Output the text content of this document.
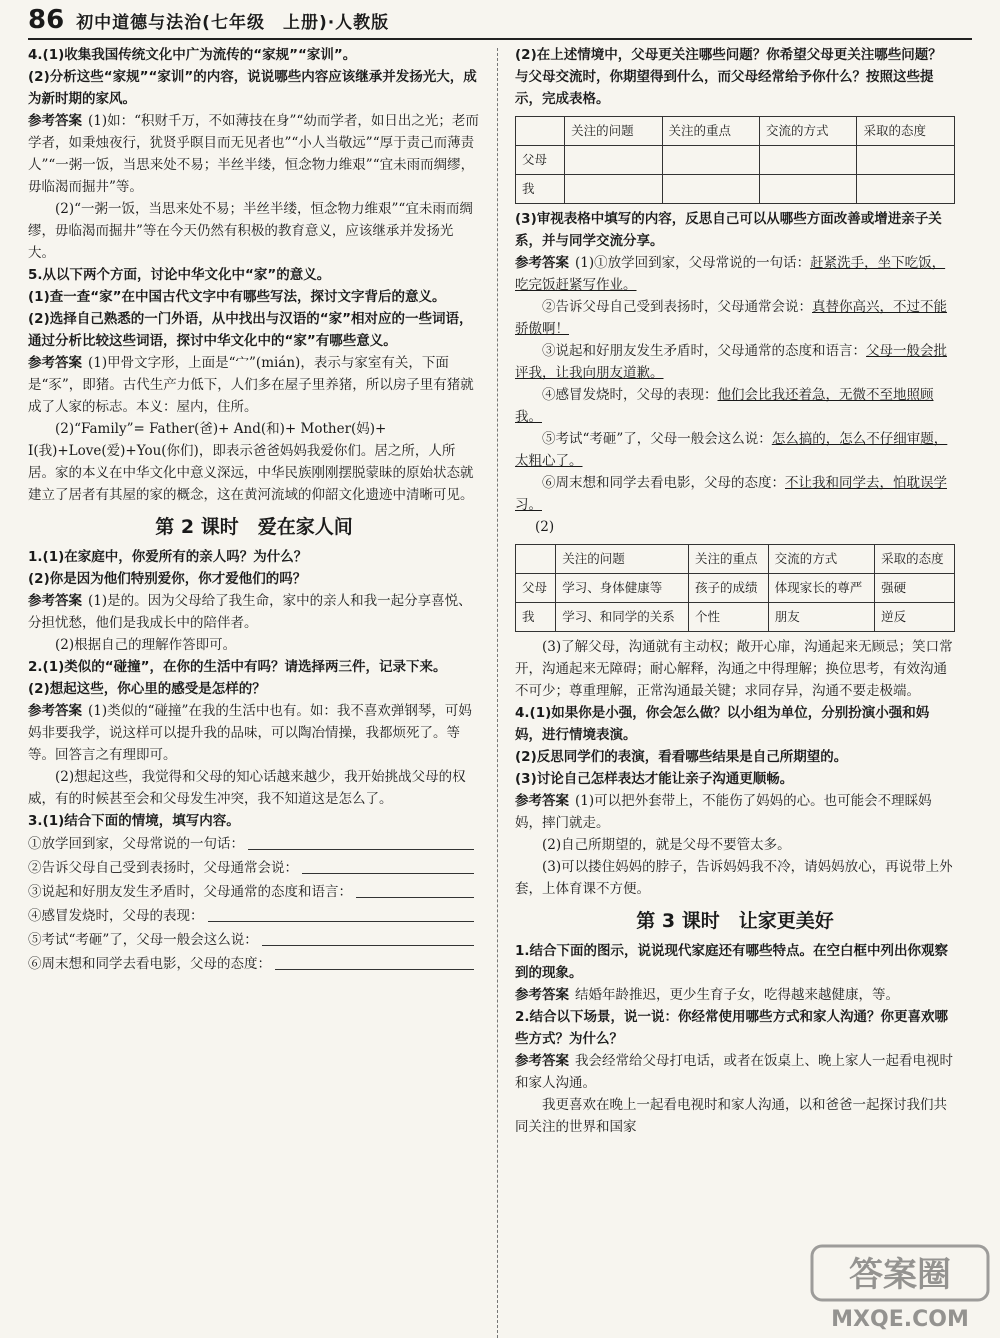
86 初中道德与法治(七年级　上册)·人教版

4.(1)收集我国传统文化中广为流传的“家规”“家训”。

(2)分析这些“家规”“家训”的内容，说说哪些内容应该继承并发扬光大，成为新时期的家风。

参考答案 (1)如：“积财千万，不如薄技在身”“幼而学者，如日出之光；老而学者，如秉烛夜行，犹贤乎瞑目而无见者也”“小人当敬远”“厚于责己而薄责人”“一粥一饭，当思来处不易；半丝半缕，恒念物力维艰”“宜未雨而绸缪，毋临渴而掘井”等。

(2)“一粥一饭，当思来处不易；半丝半缕，恒念物力维艰”“宜未雨而绸缪，毋临渴而掘井”等在今天仍然有积极的教育意义，应该继承并发扬光大。

5.从以下两个方面，讨论中华文化中“家”的意义。

(1)查一查“家”在中国古代文字中有哪些写法，探讨文字背后的意义。

(2)选择自己熟悉的一门外语，从中找出与汉语的“家”相对应的一些词语，通过分析比较这些词语，探讨中华文化中的“家”有哪些意义。

参考答案 (1)甲骨文字形，上面是“宀”(mián)，表示与家室有关，下面是“豕”，即猪。古代生产力低下，人们多在屋子里养猪，所以房子里有猪就成了人家的标志。本义：屋内，住所。

(2)“Family”= Father(爸)+ And(和)+ Mother(妈)+ I(我)+Love(爱)+You(你们)，即表示爸爸妈妈我爱你们。居之所，人所居。家的本义在中华文化中意义深远，中华民族刚刚摆脱蒙昧的原始状态就建立了居者有其屋的家的概念，这在黄河流域的仰韶文化遗迹中清晰可见。

第 2 课时　爱在家人间

1.(1)在家庭中，你爱所有的亲人吗？为什么？

(2)你是因为他们特别爱你，你才爱他们的吗？

参考答案 (1)是的。因为父母给了我生命，家中的亲人和我一起分享喜悦、分担忧愁，他们是我成长中的陪伴者。

(2)根据自己的理解作答即可。

2.(1)类似的“碰撞”，在你的生活中有吗？请选择两三件，记录下来。

(2)想起这些，你心里的感受是怎样的？

参考答案 (1)类似的“碰撞”在我的生活中也有。如：我不喜欢弹钢琴，可妈妈非要我学，说这样可以提升我的品味，可以陶冶情操，我都烦死了。等等。回答言之有理即可。

(2)想起这些，我觉得和父母的知心话越来越少，我开始挑战父母的权威，有的时候甚至会和父母发生冲突，我不知道这是怎么了。

3.(1)结合下面的情境，填写内容。

①放学回到家，父母常说的一句话：
②告诉父母自己受到表扬时，父母通常会说：
③说起和好朋友发生矛盾时，父母通常的态度和语言：
④感冒发烧时，父母的表现：
⑤考试“考砸”了，父母一般会这么说：
⑥周末想和同学去看电影，父母的态度：

(2)在上述情境中，父母更关注哪些问题？你希望父母更关注哪些问题？与父母交流时，你期望得到什么，而父母经常给予你什么？按照这些提示，完成表格。

	关注的问题	关注的重点	交流的方式	采取的态度
父母				
我				

(3)审视表格中填写的内容，反思自己可以从哪些方面改善或增进亲子关系，并与同学交流分享。

参考答案 (1)①放学回到家，父母常说的一句话：赶紧洗手，坐下吃饭，吃完饭赶紧写作业。

②告诉父母自己受到表扬时，父母通常会说：真替你高兴，不过不能骄傲啊！

③说起和好朋友发生矛盾时，父母通常的态度和语言：父母一般会批评我，让我向朋友道歉。

④感冒发烧时，父母的表现：他们会比我还着急，无微不至地照顾我。

⑤考试“考砸”了，父母一般会这么说：怎么搞的，怎么不仔细审题，太粗心了。

⑥周末想和同学去看电影，父母的态度：不让我和同学去，怕耽误学习。

(2)

	关注的问题	关注的重点	交流的方式	采取的态度
父母	学习、身体健康等	孩子的成绩	体现家长的尊严	强硬
我	学习、和同学的关系	个性	朋友	逆反

(3)了解父母，沟通就有主动权；敞开心扉，沟通起来无顾忌；笑口常开，沟通起来无障碍；耐心解释，沟通之中得理解；换位思考，有效沟通不可少；尊重理解，正常沟通最关键；求同存异，沟通不要走极端。

4.(1)如果你是小强，你会怎么做？以小组为单位，分别扮演小强和妈妈，进行情境表演。

(2)反思同学们的表演，看看哪些结果是自己所期望的。

(3)讨论自己怎样表达才能让亲子沟通更顺畅。

参考答案 (1)可以把外套带上，不能伤了妈妈的心。也可能会不理睬妈妈，摔门就走。

(2)自己所期望的，就是父母不要管太多。

(3)可以搂住妈妈的脖子，告诉妈妈我不冷，请妈妈放心，再说带上外套，上体育课不方便。

第 3 课时　让家更美好

1.结合下面的图示，说说现代家庭还有哪些特点。在空白框中列出你观察到的现象。

参考答案 结婚年龄推迟，更少生育子女，吃得越来越健康，等。

2.结合以下场景，说一说：你经常使用哪些方式和家人沟通？你更喜欢哪些方式？为什么？

参考答案 我会经常给父母打电话，或者在饭桌上、晚上家人一起看电视时和家人沟通。

我更喜欢在晚上一起看电视时和家人沟通，以和爸爸一起探讨我们共同关注的世界和国家

答案圈
MXQE.COM
